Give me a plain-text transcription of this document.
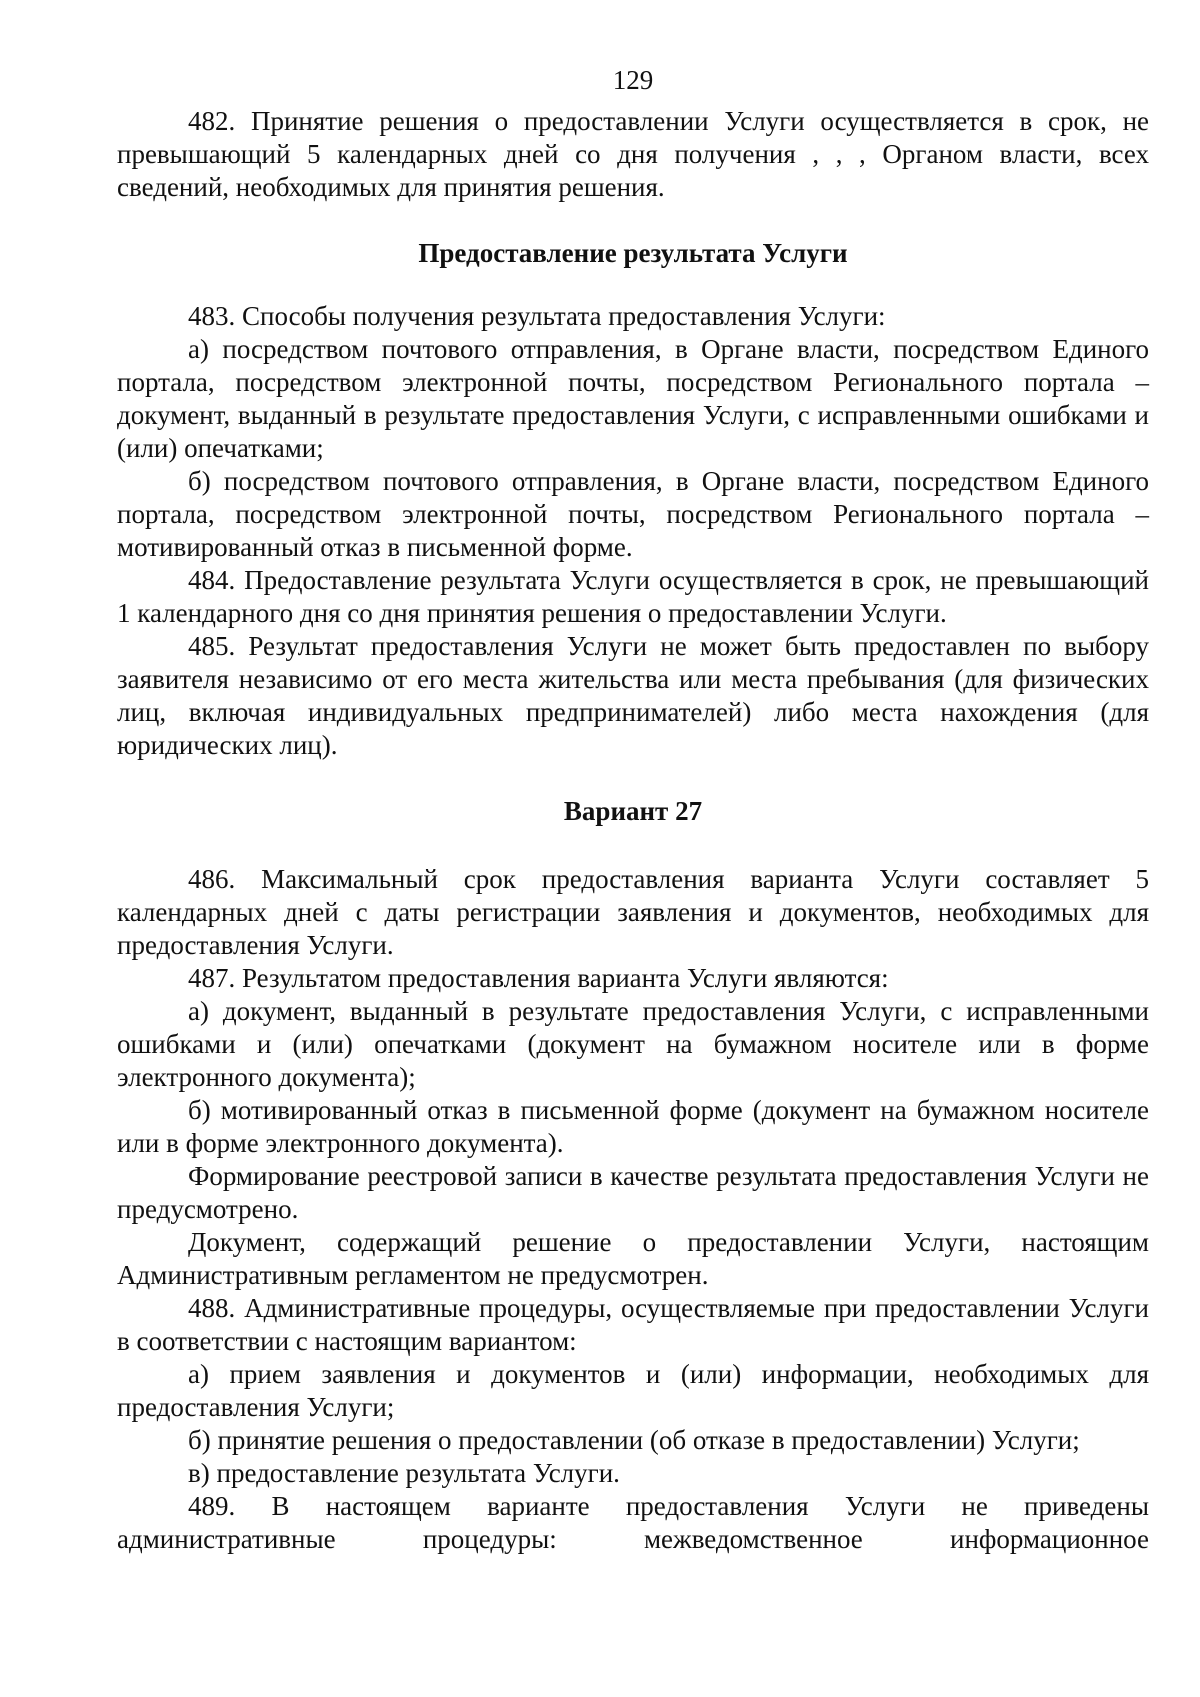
129

482. Принятие решения о предоставлении Услуги осуществляется в срок, не превышающий 5 календарных дней со дня получения , , , Органом власти, всех сведений, необходимых для принятия решения.

Предоставление результата Услуги

483. Способы получения результата предоставления Услуги:

а) посредством почтового отправления, в Органе власти, посредством Единого портала, посредством электронной почты, посредством Регионального портала – документ, выданный в результате предоставления Услуги, с исправленными ошибками и (или) опечатками;

б) посредством почтового отправления, в Органе власти, посредством Единого портала, посредством электронной почты, посредством Регионального портала – мотивированный отказ в письменной форме.

484. Предоставление результата Услуги осуществляется в срок, не превышающий 1 календарного дня со дня принятия решения о предоставлении Услуги.

485. Результат предоставления Услуги не может быть предоставлен по выбору заявителя независимо от его места жительства или места пребывания (для физических лиц, включая индивидуальных предпринимателей) либо места нахождения (для юридических лиц).

Вариант 27

486. Максимальный срок предоставления варианта Услуги составляет 5 календарных дней с даты регистрации заявления и документов, необходимых для предоставления Услуги.

487. Результатом предоставления варианта Услуги являются:

а) документ, выданный в результате предоставления Услуги, с исправленными ошибками и (или) опечатками (документ на бумажном носителе или в форме электронного документа);

б) мотивированный отказ в письменной форме (документ на бумажном носителе или в форме электронного документа).

Формирование реестровой записи в качестве результата предоставления Услуги не предусмотрено.

Документ, содержащий решение о предоставлении Услуги, настоящим Административным регламентом не предусмотрен.

488. Административные процедуры, осуществляемые при предоставлении Услуги в соответствии с настоящим вариантом:

а) прием заявления и документов и (или) информации, необходимых для предоставления Услуги;

б) принятие решения о предоставлении (об отказе в предоставлении) Услуги;

в) предоставление результата Услуги.

489. В настоящем варианте предоставления Услуги не приведены административные процедуры: межведомственное информационное
